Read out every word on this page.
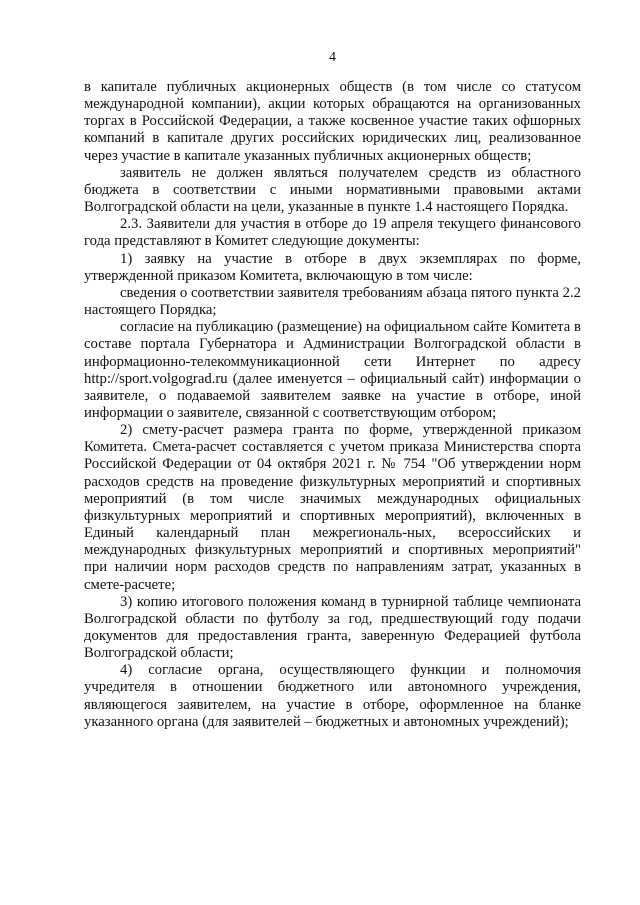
4

в капитале публичных акционерных обществ (в том числе со статусом международной компании), акции которых обращаются на организованных торгах в Российской Федерации, а также косвенное участие таких офшорных компаний в капитале других российских юридических лиц, реализованное через участие в капитале указанных публичных акционерных обществ;

заявитель не должен являться получателем средств из областного бюджета в соответствии с иными нормативными правовыми актами Волгоградской области на цели, указанные в пункте 1.4 настоящего Порядка.

2.3. Заявители для участия в отборе до 19 апреля текущего финансового года представляют в Комитет следующие документы:

1) заявку на участие в отборе в двух экземплярах по форме, утвержденной приказом Комитета, включающую в том числе:

сведения о соответствии заявителя требованиям абзаца пятого пункта 2.2 настоящего Порядка;

согласие на публикацию (размещение) на официальном сайте Комитета в составе портала Губернатора и Администрации Волгоградской области в информационно-телекоммуникационной сети Интернет по адресу http://sport.volgograd.ru (далее именуется – официальный сайт) информации о заявителе, о подаваемой заявителем заявке на участие в отборе, иной информации о заявителе, связанной с соответствующим отбором;

2) смету-расчет размера гранта по форме, утвержденной приказом Комитета. Смета-расчет составляется с учетом приказа Министерства спорта Российской Федерации от 04 октября 2021 г. № 754 "Об утверждении норм расходов средств на проведение физкультурных мероприятий и спортивных мероприятий (в том числе значимых международных официальных физкультурных мероприятий и спортивных мероприятий), включенных в Единый календарный план межрегиональ-ных, всероссийских и международных физкультурных мероприятий и спортивных мероприятий" при наличии норм расходов средств по направлениям затрат, указанных в смете-расчете;

3) копию итогового положения команд в турнирной таблице чемпионата Волгоградской области по футболу за год, предшествующий году подачи документов для предоставления гранта, заверенную Федерацией футбола Волгоградской области;

4) согласие органа, осуществляющего функции и полномочия учредителя в отношении бюджетного или автономного учреждения, являющегося заявителем, на участие в отборе, оформленное на бланке указанного органа (для заявителей – бюджетных и автономных учреждений);
